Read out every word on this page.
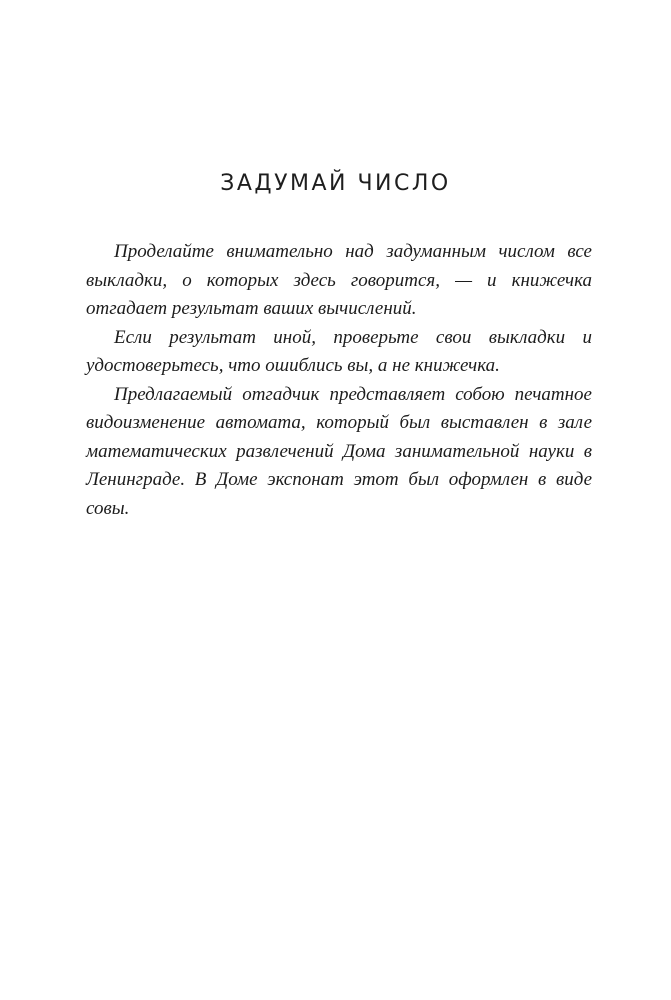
ЗАДУМАЙ ЧИСЛО

Проделайте внимательно над задуманным числом все выкладки, о которых здесь говорится, — и книжечка отгадает результат ваших вычислений.

Если результат иной, проверьте свои выкладки и удостоверьтесь, что ошиблись вы, а не книжечка.

Предлагаемый отгадчик представляет собою печатное видоизменение автомата, который был выставлен в зале математических развлечений Дома занимательной науки в Ленинграде. В Доме экспонат этот был оформлен в виде совы.
